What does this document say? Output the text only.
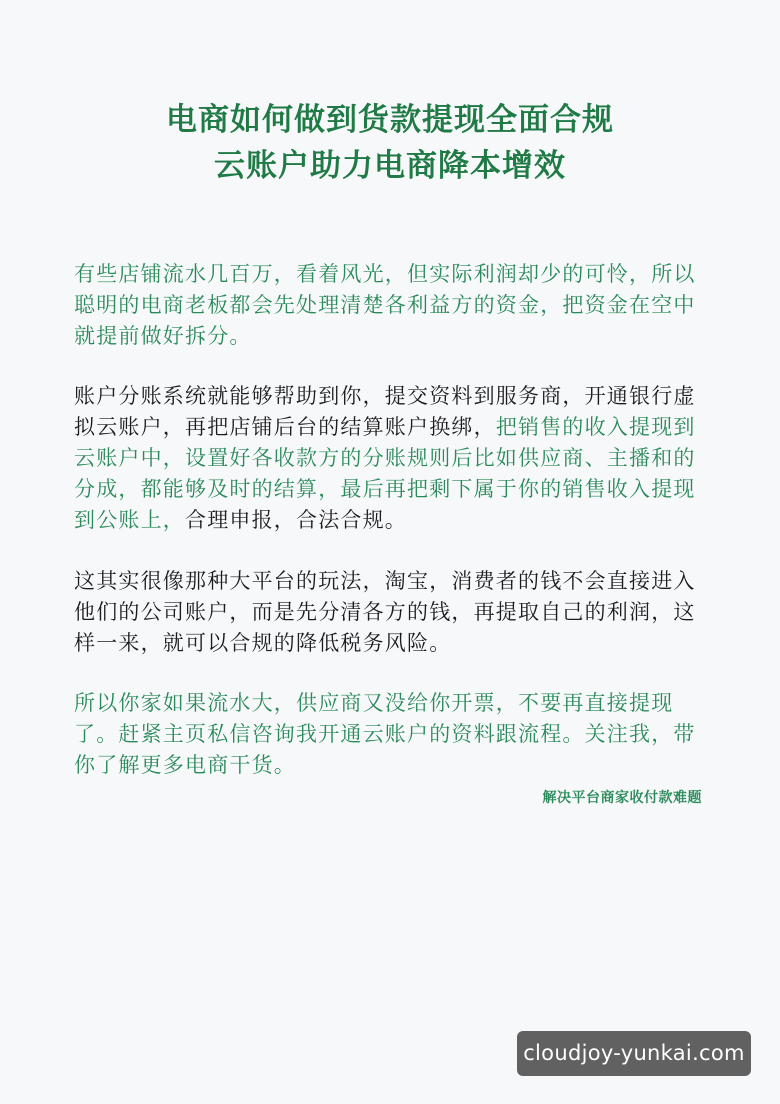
电商如何做到货款提现全面合规
云账户助力电商降本增效
有些店铺流水几百万，看着风光，但实际利润却少的可怜，所以聪明的电商老板都会先处理清楚各利益方的资金，把资金在空中就提前做好拆分。
账户分账系统就能够帮助到你，提交资料到服务商，开通银行虚拟云账户，再把店铺后台的结算账户换绑，把销售的收入提现到云账户中，设置好各收款方的分账规则后比如供应商、主播和的分成，都能够及时的结算，最后再把剩下属于你的销售收入提现到公账上，合理申报，合法合规。
这其实很像那种大平台的玩法，淘宝，消费者的钱不会直接进入他们的公司账户，而是先分清各方的钱，再提取自己的利润，这样一来，就可以合规的降低税务风险。
所以你家如果流水大，供应商又没给你开票，不要再直接提现了。赶紧主页私信咨询我开通云账户的资料跟流程。关注我，带你了解更多电商干货。
解决平台商家收付款难题
cloudjoy-yunkai.com
